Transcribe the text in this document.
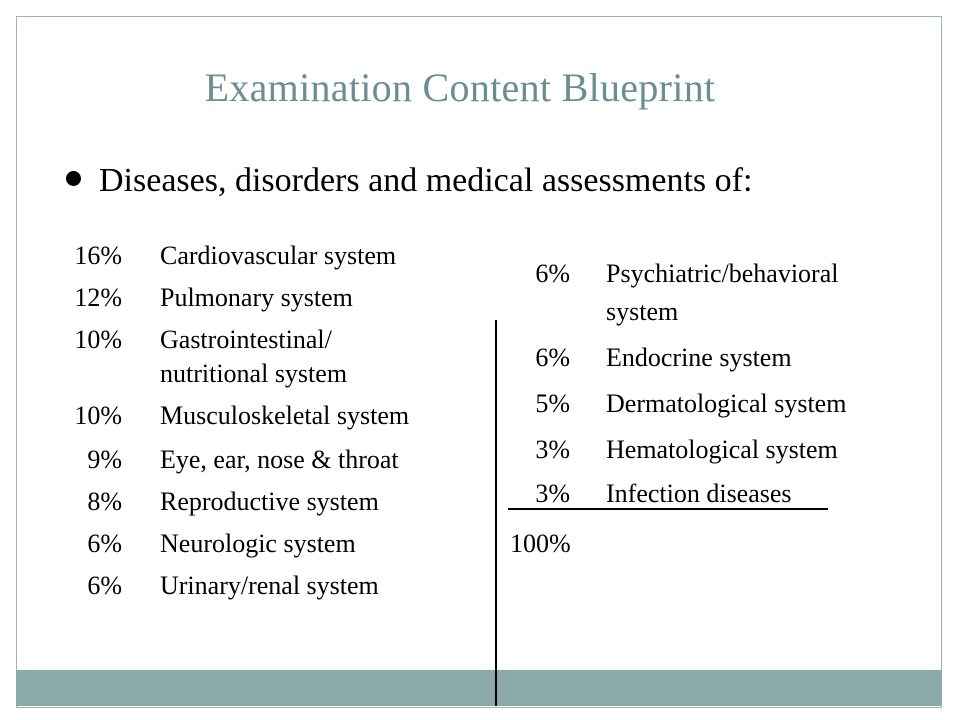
Examination Content Blueprint
Diseases, disorders and medical assessments of:
16% Cardiovascular system
12% Pulmonary system
10% Gastrointestinal/
nutritional system
10% Musculoskeletal system
9% Eye, ear, nose & throat
8% Reproductive system
6% Neurologic system
6% Urinary/renal system
6% Psychiatric/behavioral
system
6% Endocrine system
5% Dermatological system
3% Hematological system
3% Infection diseases
100%
